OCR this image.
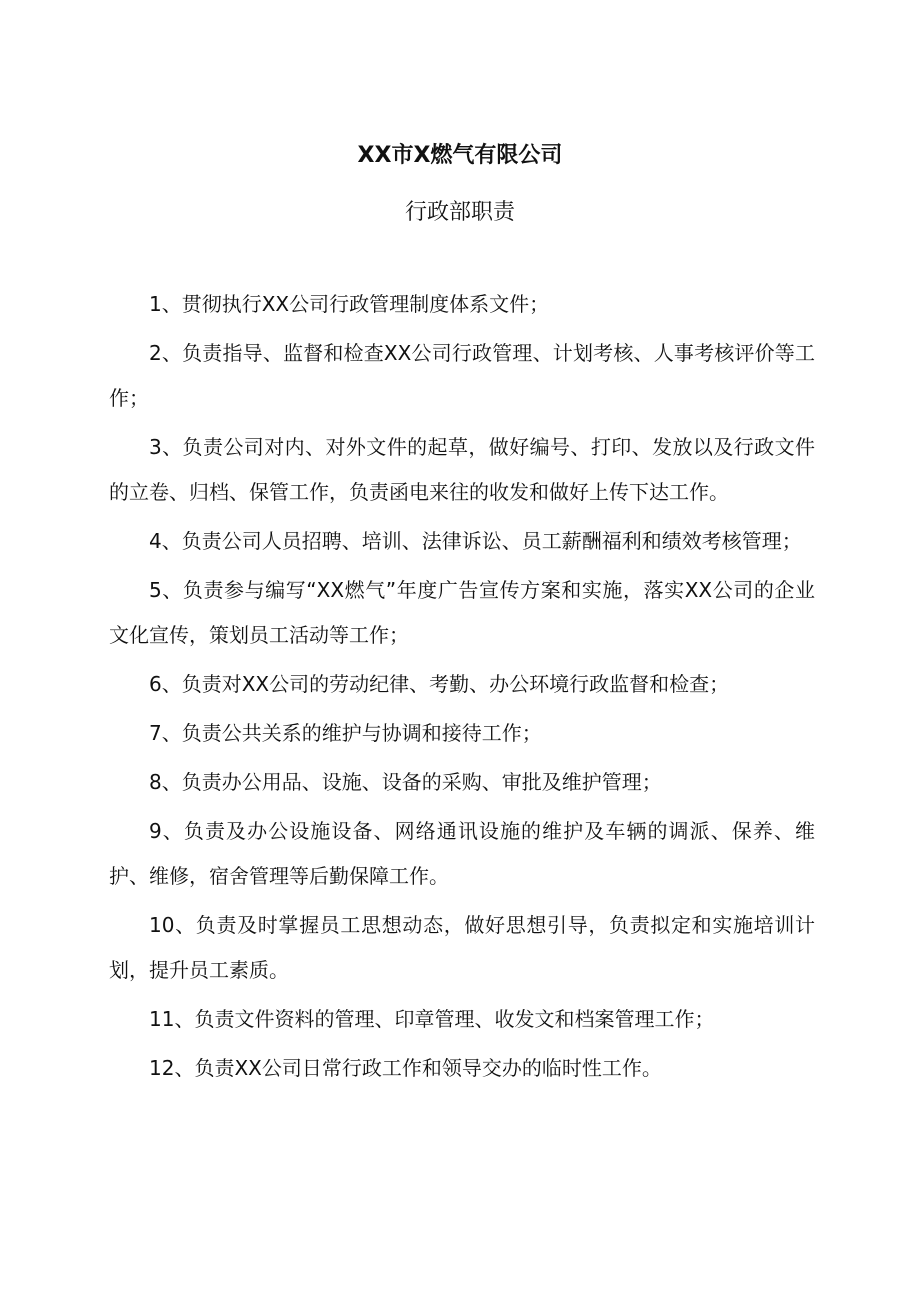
XX市X燃气有限公司
行政部职责
1、贯彻执行XX公司行政管理制度体系文件；
2、负责指导、监督和检查XX公司行政管理、计划考核、人事考核评价等工作；
3、负责公司对内、对外文件的起草，做好编号、打印、发放以及行政文件的立卷、归档、保管工作，负责函电来往的收发和做好上传下达工作。
4、负责公司人员招聘、培训、法律诉讼、员工薪酬福利和绩效考核管理；
5、负责参与编写“XX燃气”年度广告宣传方案和实施，落实XX公司的企业文化宣传，策划员工活动等工作；
6、负责对XX公司的劳动纪律、考勤、办公环境行政监督和检查；
7、负责公共关系的维护与协调和接待工作；
8、负责办公用品、设施、设备的采购、审批及维护管理；
9、负责及办公设施设备、网络通讯设施的维护及车辆的调派、保养、维护、维修，宿舍管理等后勤保障工作。
10、负责及时掌握员工思想动态，做好思想引导，负责拟定和实施培训计划，提升员工素质。
11、负责文件资料的管理、印章管理、收发文和档案管理工作；
12、负责XX公司日常行政工作和领导交办的临时性工作。
